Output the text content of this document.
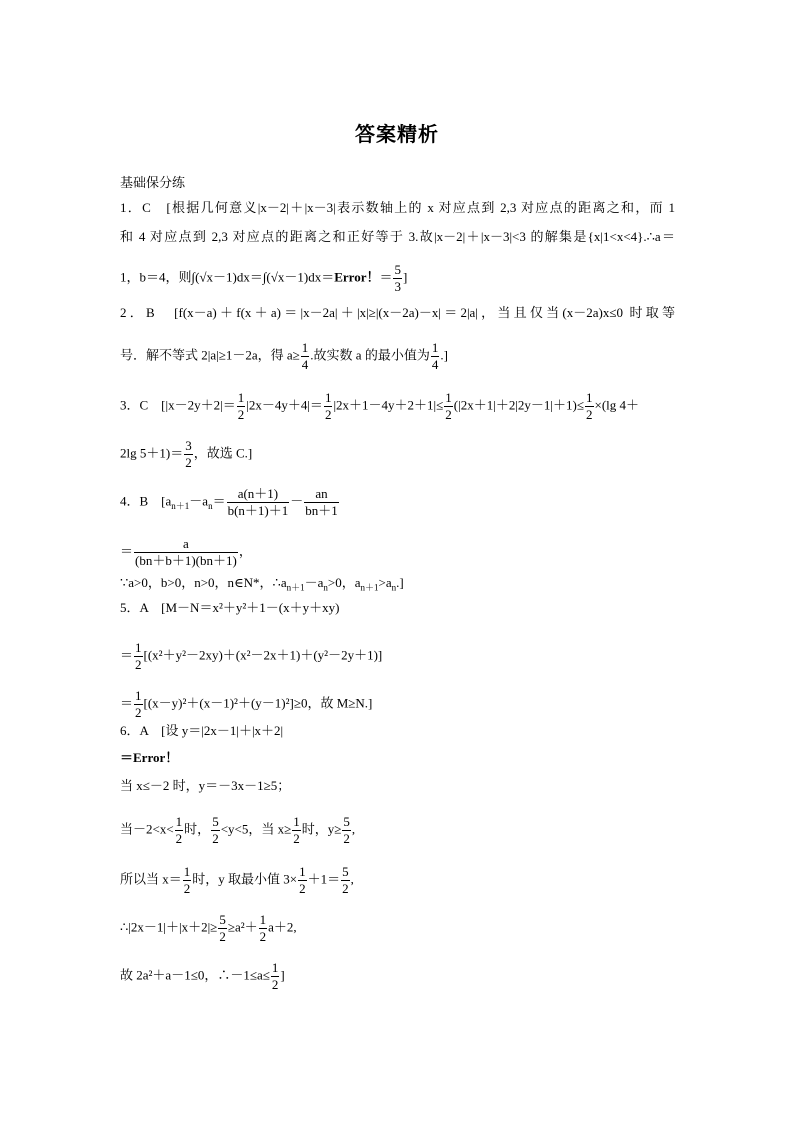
答案精析
基础保分练
1．C　[根据几何意义|x－2|＋|x－3|表示数轴上的 x 对应点到 2,3 对应点的距离之和，而 1
和 4 对应点到 2,3 对应点的距离之和正好等于 3.故|x－2|＋|x－3|<3 的解集是{x|1<x<4}.∴a＝
1，b＝4，则∫(√x－1)dx＝∫(√x－1)dx＝Error！＝ $\frac{5}{3}$ ]
2．B　[f(x－a)＋f(x＋a)＝|x－2a|＋|x|≥|(x－2a)－x|＝2|a|，当且仅当(x－2a)x≤0 时取等
号．解不等式 2|a|≥1－2a，得 $a\ge \frac{1}{4}$ .故实数 a 的最小值为 $\frac{1}{4}$ .]
3．C　[$|x-2y+2|= \frac{1}{2} |2x-4y+4|= \frac{1}{2} |2x+1-4y+2+1|\le \frac{1}{2} (|2x+1|+2|2y-1|+1)\le \frac{1}{2} \times(\lg$ 4＋
2lg $5+1)= \frac{3}{2}$ ，故选 C.]
4．B　[$a_{n+1}-a_n= \frac{a(n+1)}{b(n+1)+1} - \frac{an}{bn+1}$
＝ $\frac{a}{(bn+b+1)(bn+1)}$ ，
∵a>0，b>0，n>0，n∈N*，$\therefore a_{n+1}-a_n>0$，$a_{n+1}>a_n$.]
5．A　[M－N＝x²＋y²＋1－(x＋y＋xy)
＝ $\frac{1}{2} [(x^2+y^2-2xy)+(x^2-2x+1)+(y^2-2y+1)]$
＝ $\frac{1}{2} [(x-y)^2+(x-1)^2+(y-1)^2]\ge 0$，故 M≥N.]
6．A　[设 y＝|2x－1|＋|x＋2|
＝Error！
当 x≤－2 时，y＝－3x－1≥5；
当$-2<x< \frac{1}{2}$ 时， $\frac{5}{2} <y<5$，当 $x\ge \frac{1}{2}$ 时，$y\ge \frac{5}{2}$ ,
所以当 $x= \frac{1}{2}$ 时，y 取最小值 $3\times \frac{1}{2} +1= \frac{5}{2}$ ,
∴|2x－1|＋|x＋2|≥ $\frac{5}{2} \ge a^2+ \frac{1}{2} a+2$,
故 2a²＋a－1≤0，∴－1≤a≤ $\frac{1}{2}$ ]
